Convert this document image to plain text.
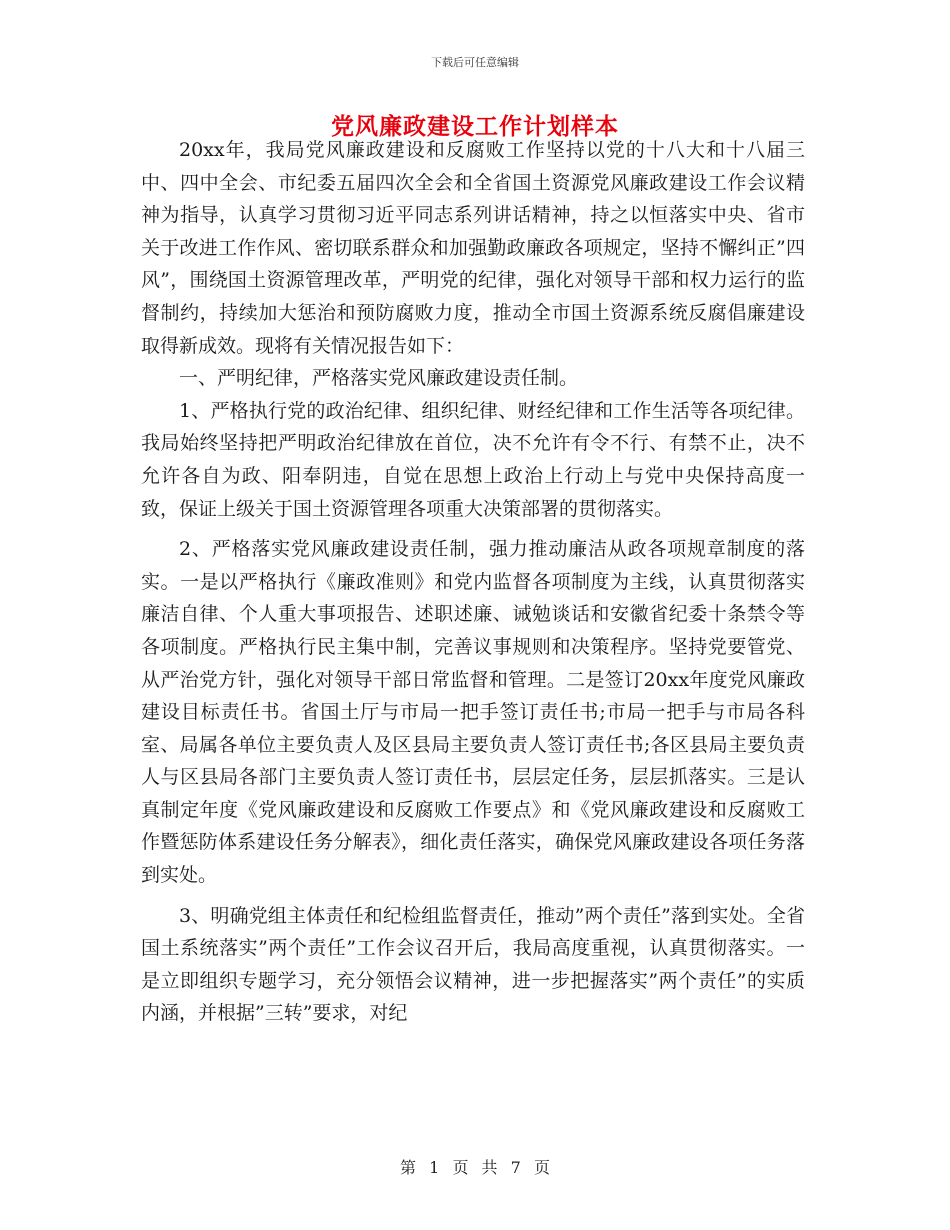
下载后可任意编辑
党风廉政建设工作计划样本

20xx年，我局党风廉政建设和反腐败工作坚持以党的十八大和十八届三中、四中全会、市纪委五届四次全会和全省国土资源党风廉政建设工作会议精神为指导，认真学习贯彻习近平同志系列讲话精神，持之以恒落实中央、省市关于改进工作作风、密切联系群众和加强勤政廉政各项规定，坚持不懈纠正”四风”，围绕国土资源管理改革，严明党的纪律，强化对领导干部和权力运行的监督制约，持续加大惩治和预防腐败力度，推动全市国土资源系统反腐倡廉建设取得新成效。现将有关情况报告如下：

一、严明纪律，严格落实党风廉政建设责任制。

1、严格执行党的政治纪律、组织纪律、财经纪律和工作生活等各项纪律。我局始终坚持把严明政治纪律放在首位，决不允许有令不行、有禁不止，决不允许各自为政、阳奉阴违，自觉在思想上政治上行动上与党中央保持高度一致，保证上级关于国土资源管理各项重大决策部署的贯彻落实。

2、严格落实党风廉政建设责任制，强力推动廉洁从政各项规章制度的落实。一是以严格执行《廉政准则》和党内监督各项制度为主线，认真贯彻落实廉洁自律、个人重大事项报告、述职述廉、诫勉谈话和安徽省纪委十条禁令等各项制度。严格执行民主集中制，完善议事规则和决策程序。坚持党要管党、从严治党方针，强化对领导干部日常监督和管理。二是签订20xx年度党风廉政建设目标责任书。省国土厅与市局一把手签订责任书;市局一把手与市局各科室、局属各单位主要负责人及区县局主要负责人签订责任书;各区县局主要负责人与区县局各部门主要负责人签订责任书，层层定任务，层层抓落实。三是认真制定年度《党风廉政建设和反腐败工作要点》和《党风廉政建设和反腐败工作暨惩防体系建设任务分解表》，细化责任落实，确保党风廉政建设各项任务落到实处。

3、明确党组主体责任和纪检组监督责任，推动”两个责任”落到实处。全省国土系统落实”两个责任”工作会议召开后，我局高度重视，认真贯彻落实。一是立即组织专题学习，充分领悟会议精神，进一步把握落实”两个责任”的实质内涵，并根据”三转”要求，对纪

第 1 页 共 7 页
